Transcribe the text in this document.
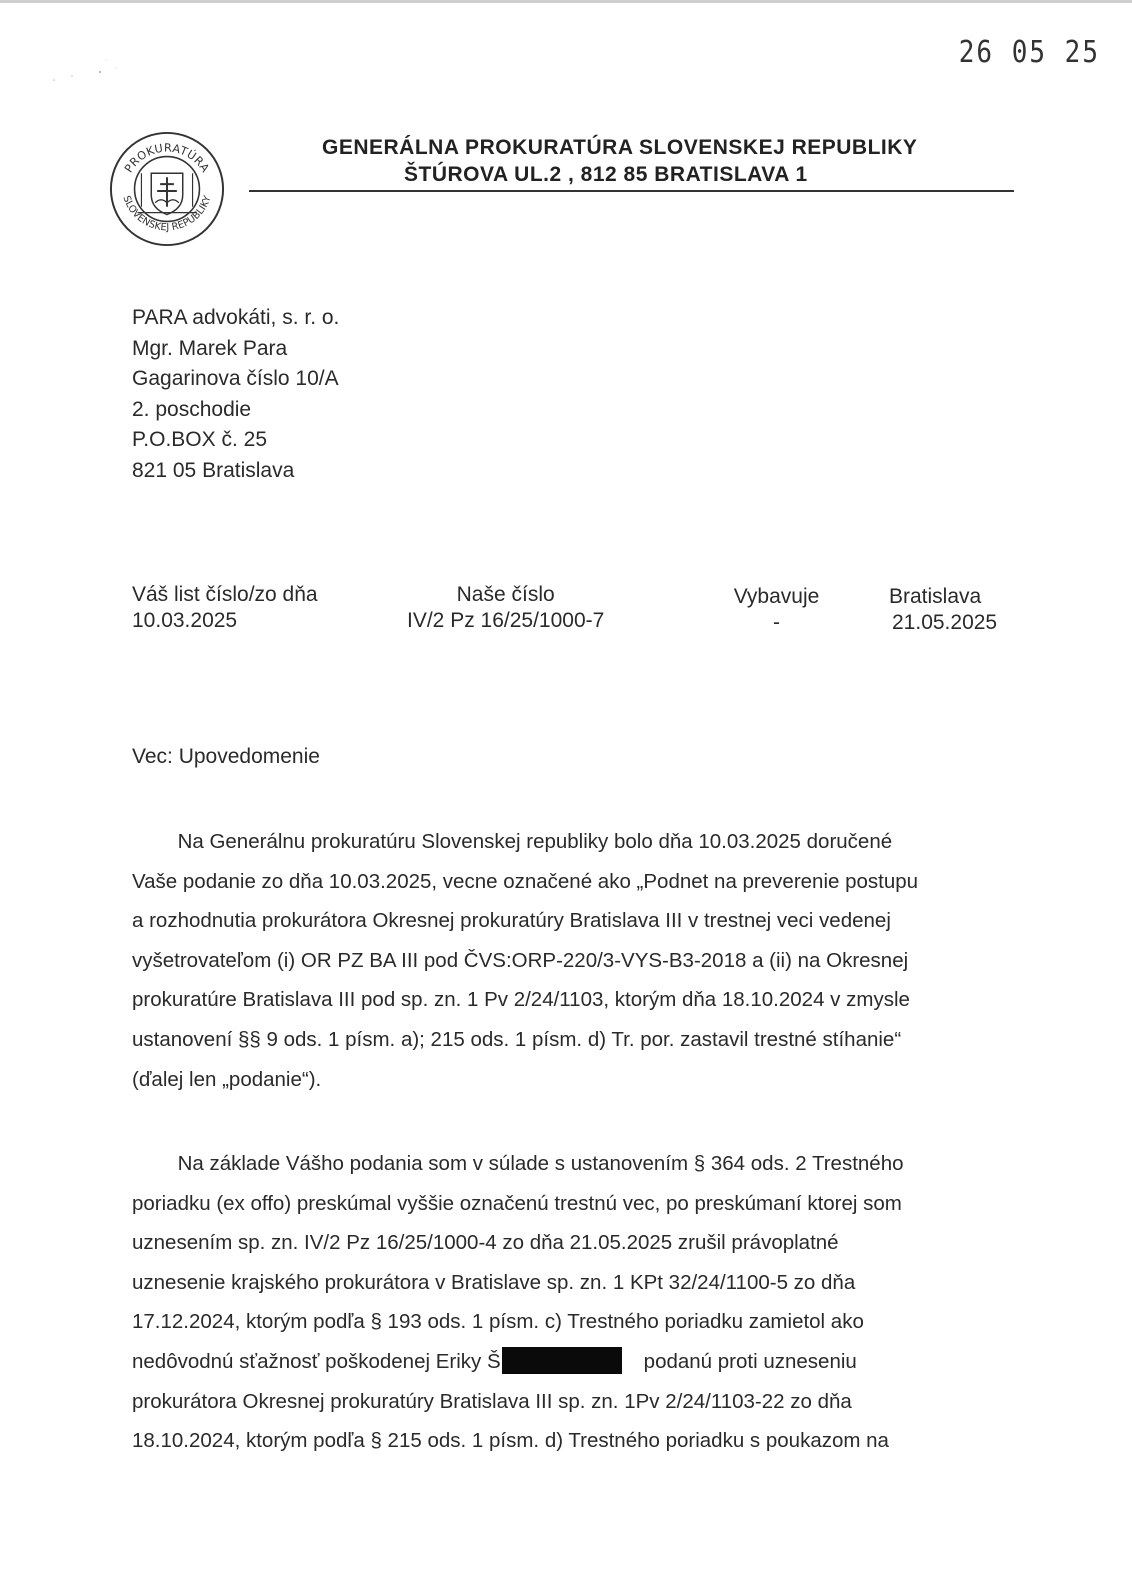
26 05 25
PROKURATÚRA
SLOVENSKEJ REPUBLIKY
GENERÁLNA PROKURATÚRA SLOVENSKEJ REPUBLIKY
ŠTÚROVA UL.2 , 812 85 BRATISLAVA 1
PARA advokáti, s. r. o.
Mgr. Marek Para
Gagarinova číslo 10/A
2. poschodie
P.O.BOX č. 25
821 05 Bratislava
Váš list číslo/zo dňa
10.03.2025
Naše číslo
IV/2 Pz 16/25/1000-7
Vybavuje
-
Bratislava
21.05.2025
Vec: Upovedomenie
Na Generálnu prokuratúru Slovenskej republiky bolo dňa 10.03.2025 doručené
Vaše podanie zo dňa 10.03.2025, vecne označené ako „Podnet na preverenie postupu
a rozhodnutia prokurátora Okresnej prokuratúry Bratislava III v trestnej veci vedenej
vyšetrovateľom (i) OR PZ BA III pod ČVS:ORP-220/3-VYS-B3-2018 a (ii) na Okresnej
prokuratúre Bratislava III pod sp. zn. 1 Pv 2/24/1103, ktorým dňa 18.10.2024 v zmysle
ustanovení §§ 9 ods. 1 písm. a); 215 ods. 1 písm. d) Tr. por. zastavil trestné stíhanie“
(ďalej len „podanie“).
Na základe Vášho podania som v súlade s ustanovením § 364 ods. 2 Trestného
poriadku (ex offo) preskúmal vyššie označenú trestnú vec, po preskúmaní ktorej som
uznesením sp. zn. IV/2 Pz 16/25/1000-4 zo dňa 21.05.2025 zrušil právoplatné
uznesenie krajského prokurátora v Bratislave sp. zn. 1 KPt 32/24/1100-5 zo dňa
17.12.2024, ktorým podľa § 193 ods. 1 písm. c) Trestného poriadku zamietol ako
nedôvodnú sťažnosť poškodenej Eriky Š	podanú proti uzneseniu
prokurátora Okresnej prokuratúry Bratislava III sp. zn. 1Pv 2/24/1103-22 zo dňa
18.10.2024, ktorým podľa § 215 ods. 1 písm. d) Trestného poriadku s poukazom na
